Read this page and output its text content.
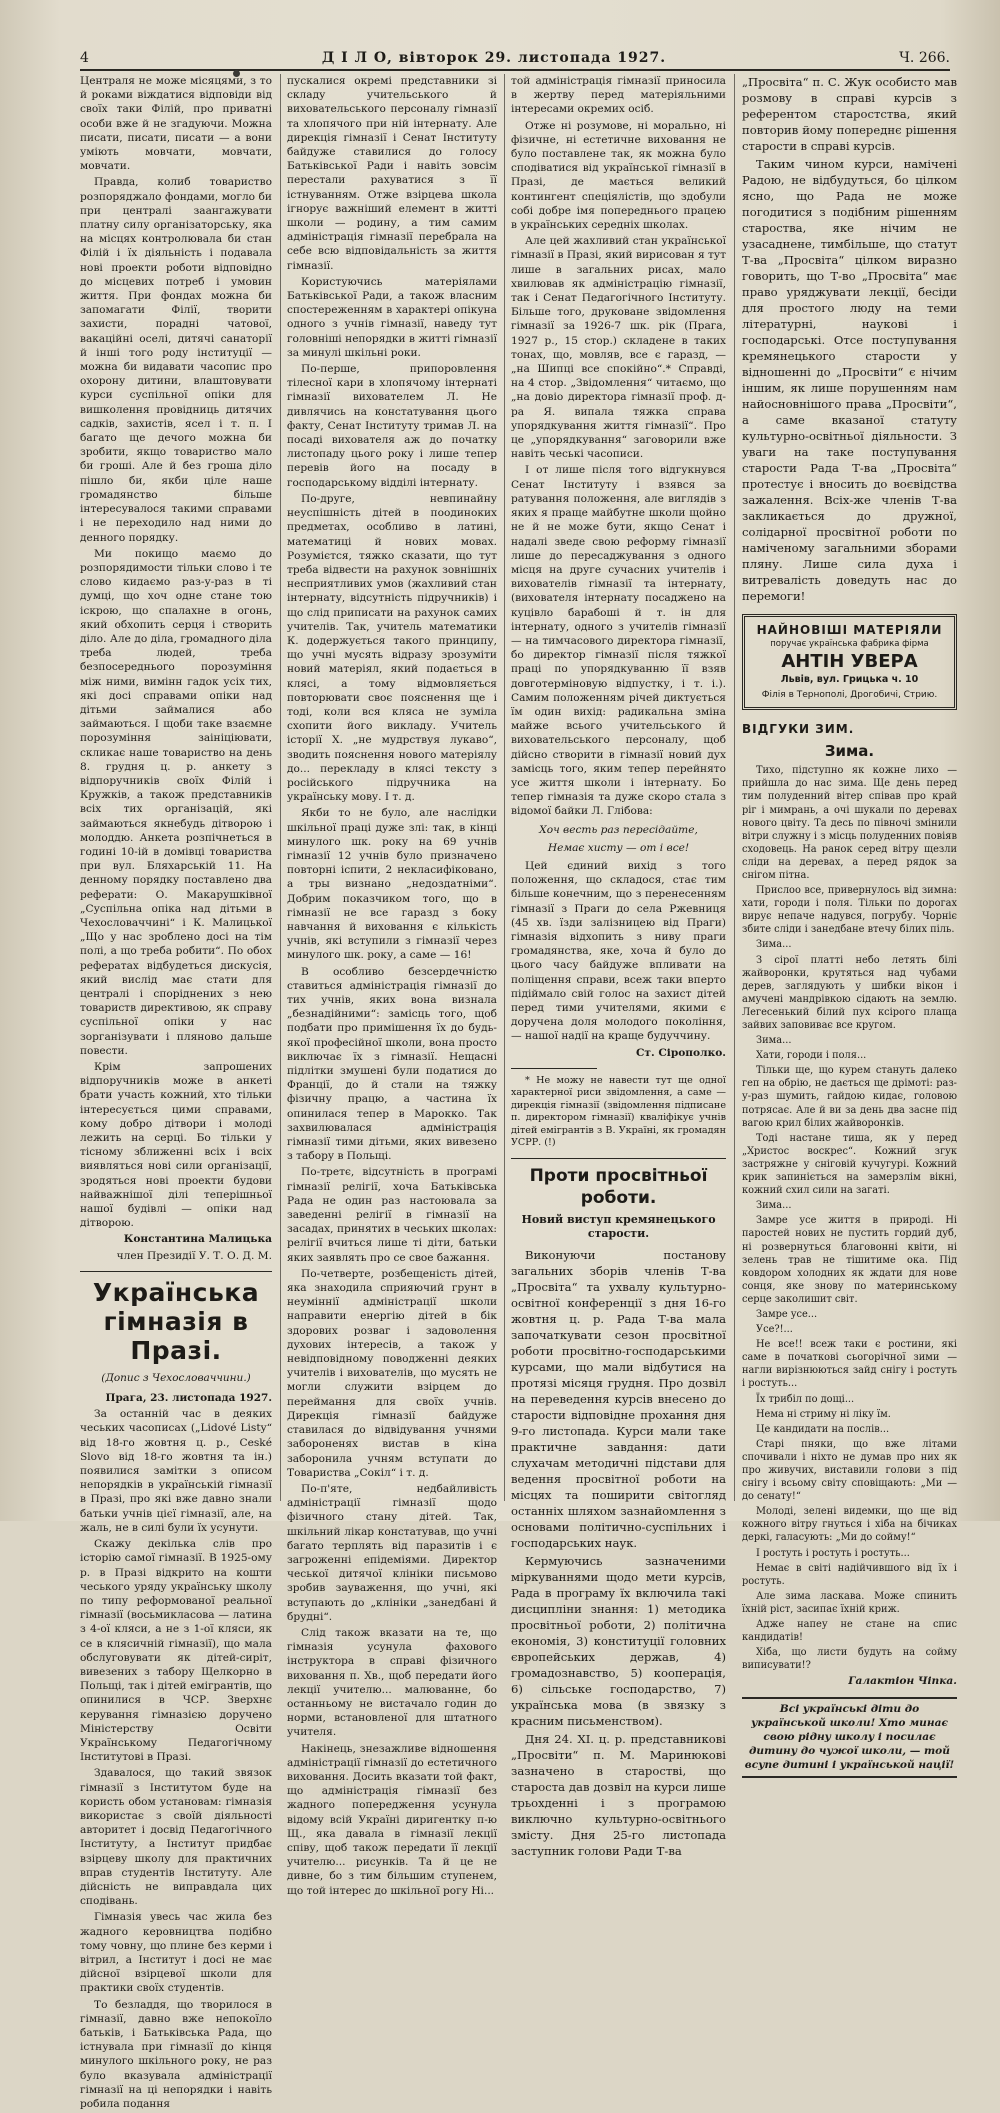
4	Д І Л О, вівторок 29. листопада 1927.	Ч. 266.

Централя не може місяцями, з то й роками віждатися відповіди від своїх таки Філій, про приватні особи вже й не згадуючи. Можна писати, писати, писати — а вони уміють мовчати, мовчати, мовчати.

Правда, колиб товариство розпоряджало фондами, могло би при централі заангажувати платну силу організаторську, яка на місцях контролювала би стан Філій і їх діяльність і подавала нові проекти роботи відповідно до місцевих потреб і умовин життя. При фондах можна би запомагати Філії, творити захисти, порадні чатової, вакаційні оселі, дитячі санаторії й інші того роду інституції — можна би видавати часопис про охорону дитини, влаштовувати курси суспільної опіки для вишколення провідниць дитячих садків, захистів, ясел і т. п. І багато ще дечого можна би зробити, якщо товариство мало би гроші. Але й без гроша діло пішло би, якби ціле наше громадянство більше інтересувалося такими справами і не переходило над ними до денного порядку.

Ми покищо маємо до розпорядимости тільки слово і те слово кидаємо раз-у-раз в ті думці, що хоч одне стане тою іскрою, що спалахне в огонь, який обхопить серця і створить діло. Але до діла, громадного діла треба людей, треба безпосереднього порозуміння між ними, вимінн гадок усіх тих, які досі справами опіки над дітьми займалися або займаються. І щоби таке взаємне порозуміння заініціювати, скликає наше товариство на день 8. грудня ц. р. анкету з відпоручників своїх Філій і Кружків, а також представників всіх тих організацій, які займаються якнебудь дітворою і молоддю. Анкета розпічнеться в годині 10-ій в домівці товариства при вул. Бляхарській 11. На денному порядку поставлено два реферати: О. Макарушківної „Суспільна опіка над дітьми в Чехословаччині“ і К. Малицької „Що у нас зроблено досі на тім полі, а що треба робити“. По обох рефератах відбудеться дискусія, який вислід має стати для централі і споріднених з нею товариств директивою, як справу суспільної опіки у нас зорганізувати і пляново дальше повести.

Крім запрошених відпоручників може в анкеті брати участь кожний, хто тільки інтересується цими справами, кому добро дітвори і молоді лежить на серці. Бо тільки у тісному зближенні всіх і всіх виявляться нові сили організації, зродяться нові проекти будови найважнішої ділі теперішньої нашої будівлі — опіки над дітворою.

Константина Малицька
член Президії У. Т. О. Д. М.
Українська гімназія в Празі.
(Допис з Чехословаччини.)

Прага, 23. листопада 1927.

За останній час в деяких чеських часописах („Lidové Listy“ від 18-го жовтня ц. р., Ceské Slovo від 18-го жовтня та ін.) появилися замітки з описом непорядків в українській гімназії в Празі, про які вже давно знали батьки учнів цієї гімназії, але, на жаль, не в силі були їх усунути.

Скажу декілька слів про історію самої гімназії. В 1925-ому р. в Празі відкрито на кошти чеського уряду українську школу по типу реформованої реальної гімназії (восьмикласова — латина з 4-ої кляси, а не з 1-ої кляси, як се в клясичній гімназії), що мала обслуговувати як дітей-сиріт, вивезених з табору Щелкорно в Польщі, так і дітей емігрантів, що опинилися в ЧСР. Зверхнє керування гімназією доручено Міністерству Освіти Українському Педагогічному Інститутові в Празі.

Здавалося, що такий звязок гімназії з Інститутом буде на користь обом установам: гімназія використає з своїй діяльності авторитет і досвід Педагогічного Інституту, а Інститут придбає взірцеву школу для практичних вправ студентів Інституту. Але дійсність не виправдала цих сподівань.

Гімназія увесь час жила без жадного керовництва подібно тому човну, що плине без керми і вітрил, а Інститут і досі не має дійсної взірцевої школи для практики своїх студентів.

То безладдя, що творилося в гімназії, давно вже непокоїло батьків, і Батьківська Рада, що істнувала при гімназії до кінця минулого шкільного року, не раз було вказувала адміністрації гімназії на ці непорядки і навіть робила подання

пускалися окремі представники зі складу учительського й виховательського персоналу гімназії та хлопячого при ній інтернату. Але дирекція гімназії і Сенат Інституту байдуже ставилися до голосу Батьківської Ради і навіть зовсім перестали рахуватися з її істнуванням. Отже взірцева школа ігнорує важніший елемент в житті школи — родину, а тим самим адміністрація гімназії перебрала на себе всю відповідальність за життя гімназії.

Користуючись матеріялами Батьківської Ради, а також власним спостереженням в характері опікуна одного з учнів гімназії, наведу тут головніші непорядки в житті гімназії за минулі шкільні роки.

По-перше, припоровлення тілесної кари в хлопячому інтернаті гімназії вихователем Л. Не дивлячись на констатування цього факту, Сенат Інституту тримав Л. на посаді вихователя аж до початку листопаду цього року і лише тепер перевів його на посаду в господарському відділі інтернату.

По-друге, невпинайну неуспішність дітей в поодиноких предметах, особливо в латині, математиці й нових мовах. Розумієтся, тяжко сказати, що тут треба відвести на рахунок зовнішніх несприятливих умов (жахливий стан інтернату, відсутність підручників) і що слід приписати на рахунок самих учителів. Так, учитель математики К. додержується такого принципу, що учні мусять відразу зрозуміти новий матеріял, який подається в клясі, а тому відмовляється повторювати своє пояснення ще і тоді, коли вся кляса не зуміла схопити його викладу. Учитель історії Х. „не мудрствуя лукаво“, зводить пояснення нового матеріялу до... перекладу в клясі тексту з російського підручника на українську мову. І т. д.

Якби то не було, але наслідки шкільної праці дуже злі: так, в кінці минулого шк. року на 69 учнів гімназії 12 учнів було призначено повторні іспити, 2 некласифіковано, а тры визнано „недоздатніми“. Добрим показчиком того, що в гімназії не все гаразд з боку навчання й виховання є кількість учнів, які вступили з гімназії через минулого шк. року, а саме — 16!

В особливо безсердечністю ставиться адміністрація гімназії до тих учнів, яких вона визнала „безнадійними“: замісць того, щоб подбати про примішення їх до будь-якої професійної школи, вона просто виключає їх з гімназії. Нещасні підлітки змушені були податися до Франції, до й стали на тяжку фізичну працю, а частина їх опинилася тепер в Марокко. Так захвилювалася адміністрація гімназії тими дітьми, яких вивезено з табору в Польщі.

По-третє, відсутність в програмі гімназії релігії, хоча Батьківська Рада не один раз настоювала за заведенні релігії в гімназії на засадах, принятих в чеських школах: релігії вчиться лише ті діти, батьки яких заявлять про се свое бажання.

По-четверте, розбещеність дітей, яка знаходила сприяючий грунт в неуміннії адміністрації школи направити енергію дітей в бік здорових розваг і задоволення духових інтересів, а також у невідповідному поводженні деяких учителів і вихователів, що мусять не могли служити взірцем до переймання для своїх учнів. Дирекція гімназії байдуже ставилася до відвідування учнями забороненях вистав в кіна заборонила учням вступати до Товариства „Сокіл“ і т. д.

По-п'яте, недбайливість адміністрації гімназії щодо фізичного стану дітей. Так, шкільний лікар констатував, що учні багато терплять від паразитів і є загроженні епідеміями. Директор чеської дитячої клініки письмово зробив зауваження, що учні, які вступають до „клініки „занедбані й брудні“.

Слід також вказати на те, що гімназія усунула фахового інструктора в справі фізичного виховання п. Хв., щоб передати його лекції учителю... малюванне, бо останньому не вистачало годин до норми, встановленої для штатного учителя.

Накінець, знезажливе відношення адміністрації гімназії до естетичного виховання. Досить вказати той факт, що адміністрація гімназії без жадного попередження усунула відому всій Україні диригентку п-ю Щ., яка давала в гімназії лекції співу, щоб також передати її лекції учителю... рисунків. Та й це не дивне, бо з тим більшим ступенем, що той інтерес до шкільної рогу Ні...

той адміністрація гімназії приносила в жертву перед матеріяльними інтересами окремих осіб.

Отже ні розумове, ні морально, ні фізичне, ні естетичне виховання не було поставлене так, як можна було сподіватися від української гімназії в Празі, де мається великий контингент спеціялістів, що здобули собі добре імя попереднього працею в українських середніх школах.

Але цей жахливий стан української гімназії в Празі, який вирисован я тут лише в загальних рисах, мало хвилював як адміністрацію гімназії, так і Сенат Педагогічного Інституту. Більше того, друковане звідомлення гімназії за 1926-7 шк. рік (Прага, 1927 р., 15 стор.) складене в таких тонах, що, мовляв, все є гаразд, — „на Шипці все спокійно“.* Справді, на 4 стор. „Звідомлення“ читаємо, що „на довіо директора гімназії проф. д-ра Я. випала тяжка справа упорядкування життя гімназії“. Про це „упорядкування“ заговорили вже навіть чеські часописи.

І от лише після того відгукнувся Сенат Інституту і взявся за ратування положення, але виглядів з яких я праще майбутне школи щойно не й не може бути, якщо Сенат і надалі зведе свою реформу гімназії лише до пересаджування з одного місця на друге сучасних учителів і вихователів гімназії та інтернату, (вихователя інтернату посаджено на куцівло барабоші й т. ін для інтернату, одного з учителів гімназії — на тимчасового директора гімназії, бо директор гімназії після тяжкої праці по упорядкуванню її взяв довготерміновую відпустку, і т. і.). Самим положенням річей диктується їм один вихід: радикальна зміна майже всього учительського й виховательського персоналу, щоб дійсно створити в гімназії новий дух замісць того, яким тепер перейнято усе життя школи і інтернату. Бо тепер гімназія та дуже скоро стала з відомої байки Л. Глібова:

Хоч весть раз пересідайте,
Немає хисту — от і все!

Цей єдиний вихід з того положення, що складося, стає тим більше конечним, що з перенесенням гімназії з Праги до села Ржевниця (45 хв. їзди залізницею від Праги) гімназія відхопить з ниву праги громадянства, яке, хоча й було до цього часу байдуже впливати на поліщення справи, всеж таки вперто підіймало свій голос на захист дітей перед тими учителями, якими є доручена доля молодого покоління, — нашої надії на краще будуччину.

Ст. Сірополко.

* Не можу не навести тут ще одної характерної риси звідомлення, а саме — дирекція гімназії (звідомлення підписане п. директором гімназії) кваліфікує учнів дітей емігрантів з В. Україні, як громадян УСРР. (!)

Проти просвітньої роботи.
Новий виступ кремянецького старости.

Виконуючи постанову загальних зборів членів Т-ва „Просвіта“ та ухвалу культурно-освітної конференції з дня 16-го жовтня ц. р. Рада Т-ва мала започаткувати сезон просвітної роботи просвітно-господарськими курсами, що мали відбутися на протязі місяця грудня. Про дозвіл на переведення курсів внесено до старости відповідне прохання дня 9-го листопада. Курси мали таке практичне завдання: дати слухачам методичні підстави для ведення просвітної роботи на місцях та поширити світогляд останніх шляхом зазнайомлення з основами політично-суспільних і господарських наук.

Кермуючись зазначеними міркуваннями щодо мети курсів, Рада в програму їх включила такі дисципліни знання: 1) методика просвітньої роботи, 2) політична економія, 3) конституції головних європейських держав, 4) громадознавство, 5) кооперація, 6) сільське господарство, 7) українська мова (в звязку з красним письменством).

Дня 24. XI. ц. р. представникові „Просвіти“ п. М. Маринюкові зазначено в старостві, що староста дав дозвіл на курси лише трьохденні і з програмою виключно культурно-освітнього змісту. Дня 25-го листопада заступник голови Ради Т-ва

„Просвіта“ п. С. Жук особисто мав розмову в справі курсів з референтом старостства, який повторив йому попереднє рішення старости в справі курсів.

Таким чином курси, намічені Радою, не відбудуться, бо цілком ясно, що Рада не може погодитися з подібним рішенням староства, яке нічим не узасаднене, тимбільше, що статут Т-ва „Просвіта“ цілком виразно говорить, що Т-во „Просвіта“ має право уряджувати лекції, бесіди для простого люду на теми літературні, наукові і господарські. Отсе поступування кремянецького старости у відношенні до „Просвіти“ є нічим іншим, як лише порушенням нам найосновнішого права „Просвіти“, а саме вказаної статуту культурно-освітньої діяльности. З уваги на таке поступування старости Рада Т-ва „Просвіта“ протестує і вносить до воєвідства зажалення. Всіх-же членів Т-ва закликається до дружної, солідарної просвітної роботи по наміченому загальними зборами пляну. Лише сила духа і витревалість доведуть нас до перемоги!

НАЙНОВІШІ МАТЕРІЯЛИ
поручає українська фабрика фірма
АНТІН УВЕРА
Львів, вул. Грицька ч. 10
Філія в Тернополі, Дрогобичі, Стрию.
ВІДГУКИ ЗИМ.
Зима.

Тихо, підступно як кожне лихо — прийшла до нас зима. Ще день перед тим полуденний вітер співав про край ріг і мимрань, а очі шукали по деревах нового цвіту. Та десь по півночі змінили вітри служну і з місць полуденних повіяв сходовець. На ранок серед вітру щезли сліди на деревах, а перед рядок за снігом пітна.

Прислоо все, привернулось від зимна: хати, городи і поля. Тільки по дорогах вирує непаче надувся, погрубу. Чорніє збите сліди і занедбане втечу білих піль.

Зима...

З сірої платті небо летять білі жайворонки, крутяться над чубами дерев, заглядують у шибки вікон і амучені мандрівкою сідають на землю. Легесенький білий пух ксірого плаща зайвих заповиває все кругом.

Зима...

Хати, городи і поля...

Тільки ще, що курем стануть далеко геп на обрію, не дається ще дрімоті: раз-у-раз шумить, гайдою кидає, головою потрясає. Але й ви за день два засне під вагою крил білих жайворонків.

Тоді настане тиша, як у перед „Христос воскрес“. Кожний згук застряжне у сніговій кучугурі. Кожний крик запиніється на замерзлім вікні, кожний схил сили на загаті.

Зима...

Замре усе життя в природі. Ні паростей нових не пустить гордий дуб, ні розвернуться благовонні квіти, ні зелень трав не тішитиме ока. Під ковдором холодних як ждати для нове сонця, яке знову по материнському серце заколишит свiт.

Замре усе...

Усе?!...

Не все!! всеж таки є ростини, які саме в початкові сьогорічної зими — нагли вирізнюються зайд снігу і ростуть і ростуть...

Їх трибіл по дощі...

Нема ні стриму ні ліку їм.

Це кандидати на послів...

Старі пняки, що вже літами спочивали і ніхто не думав про них як про живучих, виставили голови з під снігу і всьому світу сповіщають: „Ми — до сенату!“

Молоді, зелені видемки, що ще від кожного вітру гнуться і хіба на бічиках деркі, галасують: „Ми до сойму!“

І ростуть і ростуть і ростуть...

Немає в світі надійчившого від їх і ростуть.

Але зима ласкава. Може спинить їхній ріст, засипає їхній криж.

Адже напеу не стане на спис кандидатів!

Хіба, що листи будуть на сойму виписувати!?

Галактіон Чіпка.
Всі українські діти до українськой школи! Хто минає свою рідну школу і посилає дитину до чужої школи, — той всупе дитині і українськой нації!
